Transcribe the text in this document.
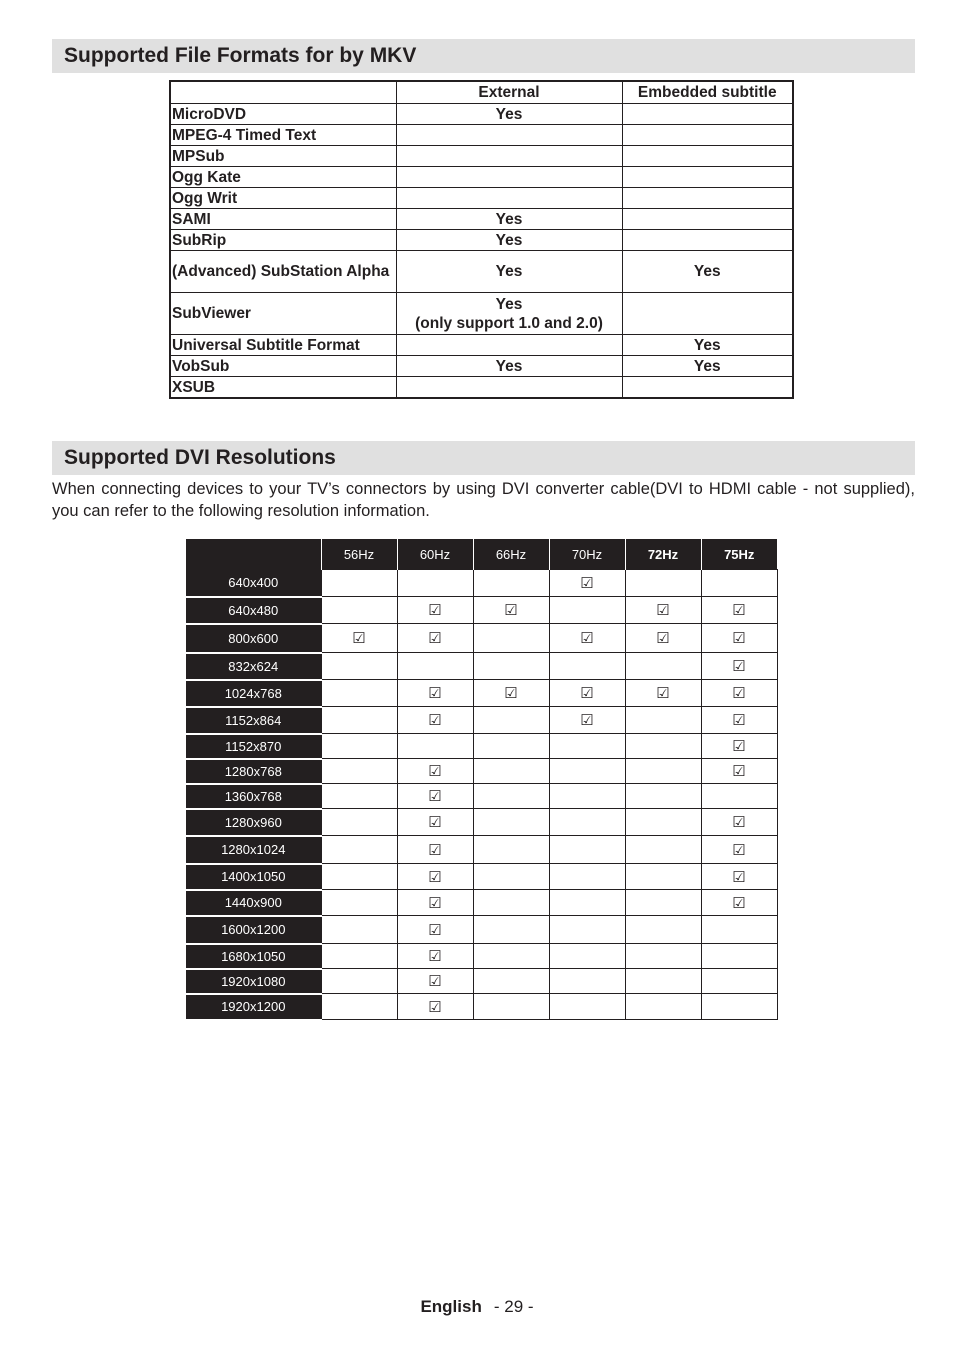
Supported File Formats for by MKV
	External	Embedded subtitle
MicroDVD	Yes	
MPEG-4 Timed Text		
MPSub		
Ogg Kate		
Ogg Writ		
SAMI	Yes	
SubRip	Yes	
(Advanced) SubStation Alpha	Yes	Yes
SubViewer	Yes
(only support 1.0 and 2.0)	
Universal Subtitle Format		Yes
VobSub	Yes	Yes
XSUB		
Supported DVI Resolutions
When connecting devices to your TV’s connectors by using DVI converter cable(DVI to HDMI cable - not supplied), you can refer to the following resolution information.
	56Hz	60Hz	66Hz	70Hz	72Hz	75Hz
640x400				☑		
640x480		☑	☑		☑	☑
800x600	☑	☑		☑	☑	☑
832x624						☑
1024x768		☑	☑	☑	☑	☑
1152x864		☑		☑		☑
1152x870						☑
1280x768		☑				☑
1360x768		☑				
1280x960		☑				☑
1280x1024		☑				☑
1400x1050		☑				☑
1440x900		☑				☑
1600x1200		☑				
1680x1050		☑				
1920x1080		☑				
1920x1200		☑				
English - 29 -
